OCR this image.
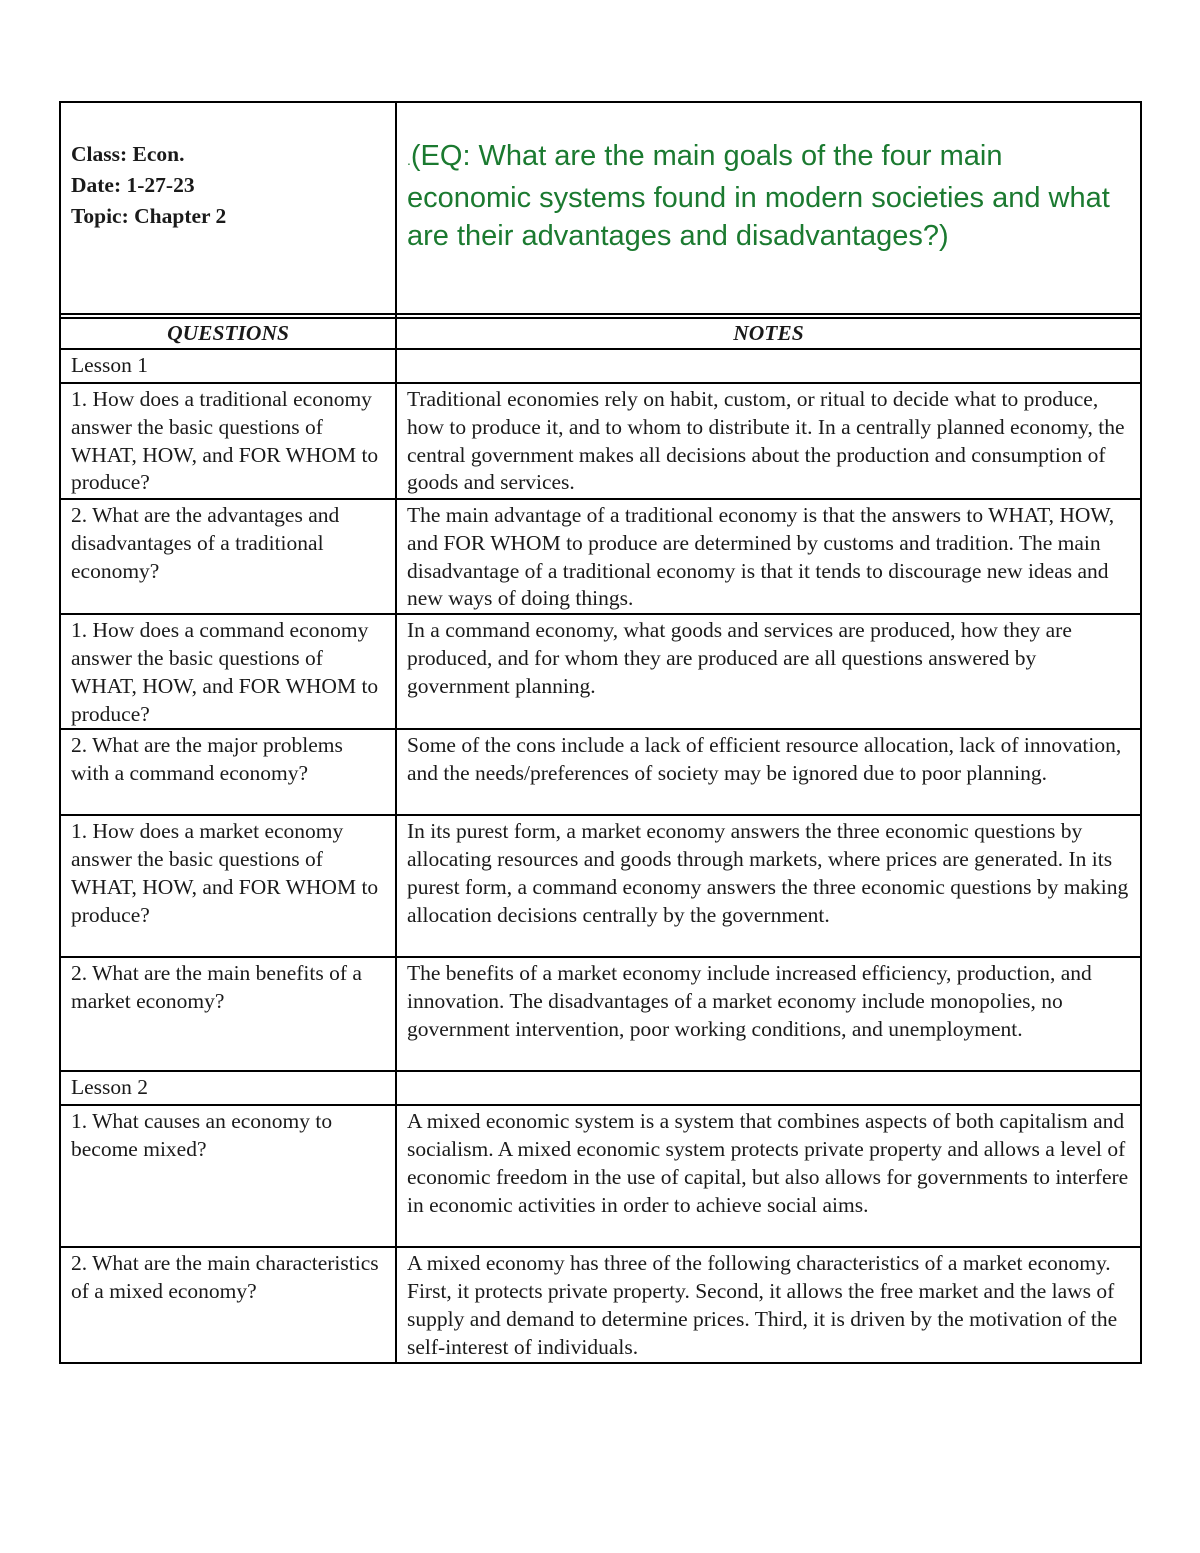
Class: Econ.
Date: 1-27-23
Topic: Chapter 2	.(EQ: What are the main goals of the four main economic systems found in modern societies and what are their advantages and disadvantages?)

QUESTIONS	NOTES
Lesson 1	
1. How does a traditional economy answer the basic questions of WHAT, HOW, and FOR WHOM to produce?	Traditional economies rely on habit, custom, or ritual to decide what to produce, how to produce it, and to whom to distribute it. In a centrally planned economy, the central government makes all decisions about the production and consumption of goods and services.
2. What are the advantages and disadvantages of a traditional economy?	The main advantage of a traditional economy is that the answers to WHAT, HOW, and FOR WHOM to produce are determined by customs and tradition. The main disadvantage of a traditional economy is that it tends to discourage new ideas and new ways of doing things.
1. How does a command economy answer the basic questions of WHAT, HOW, and FOR WHOM to produce?	In a command economy, what goods and services are produced, how they are produced, and for whom they are produced are all questions answered by government planning.
2. What are the major problems with a command economy?	Some of the cons include a lack of efficient resource allocation, lack of innovation, and the needs/preferences of society may be ignored due to poor planning.
1. How does a market economy answer the basic questions of WHAT, HOW, and FOR WHOM to produce?	In its purest form, a market economy answers the three economic questions by allocating resources and goods through markets, where prices are generated. In its purest form, a command economy answers the three economic questions by making allocation decisions centrally by the government.
2. What are the main benefits of a market economy?	The benefits of a market economy include increased efficiency, production, and innovation. The disadvantages of a market economy include monopolies, no government intervention, poor working conditions, and unemployment.
Lesson 2	
1. What causes an economy to become mixed?	A mixed economic system is a system that combines aspects of both capitalism and socialism. A mixed economic system protects private property and allows a level of economic freedom in the use of capital, but also allows for governments to interfere in economic activities in order to achieve social aims.
2. What are the main characteristics of a mixed economy?	A mixed economy has three of the following characteristics of a market economy. First, it protects private property. Second, it allows the free market and the laws of supply and demand to determine prices. Third, it is driven by the motivation of the self-interest of individuals.
